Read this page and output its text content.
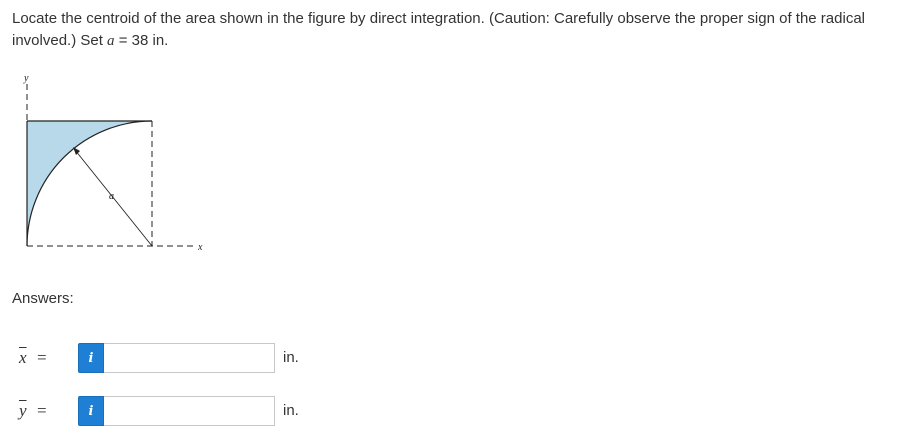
Locate the centroid of the area shown in the figure by direct integration. (Caution: Carefully observe the proper sign of the radical involved.) Set a = 38 in.
y
x
a
Answers:
$\overline{x}$ =	i	in.
$\overline{y}$ =	i	in.
